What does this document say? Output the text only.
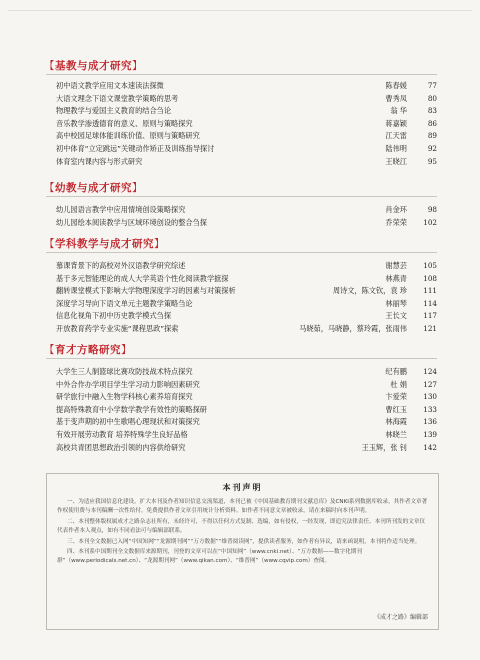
【基教与成才研究】
初中语文教学应用文本速读法探微	陈春媛	77
大语文理念下语文课堂教学策略的思考	曹秀凤	80
物理教学与爱国主义教育的结合刍论	翁 华	83
音乐教学渗透德育的意义、原则与策略探究	蒋嘉颖	86
高中校园足球体能训练价值、原则与策略研究	江天雷	89
初中体育“立定跳远”关键动作矫正及训练指导探讨	陆伟明	92
体育室内课内容与形式研究	王晓江	95
【幼教与成才研究】
幼儿园语言教学中应用情境创设策略探究	肖金环	98
幼儿园绘本阅读教学与区域环境创设的整合刍探	乔荣荣	102
【学科教学与成才研究】
慕课背景下的高校对外汉语教学研究综述	谢慧芸	105
基于多元智能理论的成人大学英语个性化阅读教学摭探	林燕青	108
翻转课堂模式下影响大学物理深度学习的因素与对策探析	周诗文，陈文钦，袁 珍	111
深度学习导向下语文单元主题教学策略刍论	林丽琴	114
信息化视角下初中历史教学模式刍探	王长文	117
开放教育药学专业实施“课程思政”探索	马晓茹，马晓静，蔡玲霞，张雨伟	121
【育才方略研究】
大学生三人制篮球比赛攻防技战术特点探究	纪有鹏	124
中外合作办学项目学生学习动力影响因素研究	杜 娟	127
研学旅行中融入生物学科核心素养培育探究	卞爱荣	130
提高特殊教育中小学数学教学有效性的策略探研	曹红玉	133
基于变声期的初中生歌唱心理现状和对策探究	林海霞	136
有效开展劳动教育 培养特殊学生良好品格	林晓兰	139
高校共青团思想政治引领的内容供给研究	王玉辉，张 钊	142
本刊声明

一、为适应我国信息化建设，扩大本刊及作者知识信息交流渠道，本刊已被《中国基础教育期刊文献总库》及CNKI系列数据库收录，其作者文章著作权使用费与本刊稿酬一次性给付。免费提供作者文章引用统计分析资料。如作者不同意文章被收录，请在来稿时向本刊声明。

二、本刊整体版权属成才之路杂志社所有，未经许可，不得以任何方式复制、选编，如有侵权，一经发现，即追究法律责任。本刊所刊发的文章仅代表作者本人观点，如有不同看法可与编辑部联系。

三、本刊全文数据已入网“中国知网”“龙源期刊网”“万方数据”“维普阅读网”，提供读者服务，如作者有异议，请来函说明，本刊将作适当处理。

四、本刊系中国期刊全文数据库来源期刊，刊登的文章可以在“中国知网”（www.cnki.net）、“万方数据——数字化期刊群”（www.periodicals.net.cn）、“龙源期刊网”（www.qikan.com）、“维普网”（www.cqvip.com）查阅。

《成才之路》编辑部
